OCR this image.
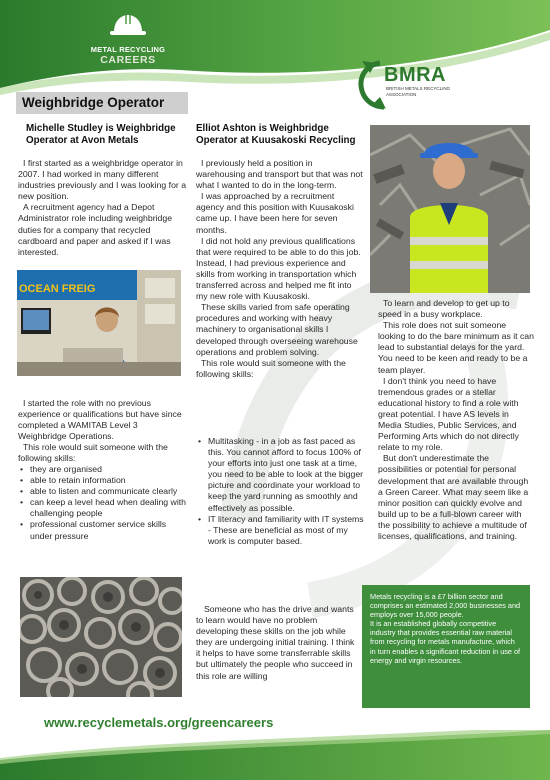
METAL RECYCLING
CAREERS
BMRA
BRITISH METALS RECYCLING ASSOCIATION
Weighbridge Operator
Michelle Studley is Weighbridge Operator at Avon Metals

I first started as a weighbridge operator in 2007. I had worked in many different industries previously and I was looking for a new position.

A recruitment agency had a Depot Administrator role including weighbridge duties for a company that recycled cardboard and paper and asked if I was interested.

OCEAN FREIG

I started the role with no previous experience or qualifications but have since completed a WAMITAB Level 3 Weighbridge Operations.

This role would suit someone with the following skills:

• they are organised
• able to retain information
• able to listen and communicate clearly
• can keep a level head when dealing with challenging people
• professional customer service skills under pressure
Elliot Ashton is Weighbridge Operator at Kuusakoski Recycling

I previously held a position in warehousing and transport but that was not what I wanted to do in the long-term.

I was approached by a recruitment agency and this position with Kuusakoski came up. I have been here for seven months.

I did not hold any previous qualifications that were required to be able to do this job. Instead, I had previous experience and skills from working in transportation which transferred across and helped me fit into my new role with Kuusakoski.

These skills varied from safe operating procedures and working with heavy machinery to organisational skills I developed through overseeing warehouse operations and problem solving.

This role would suit someone with the following skills:

• Multitasking - in a job as fast paced as this. You cannot afford to focus 100% of your efforts into just one task at a time, you need to be able to look at the bigger picture and coordinate your workload to keep the yard running as smoothly and effectively as possible.
• IT literacy and familiarity with IT systems - These are beneficial as most of my work is computer based.

Someone who has the drive and wants to learn would have no problem developing these skills on the job while they are undergoing initial training. I think it helps to have some transferrable skills but ultimately the people who succeed in this role are willing

To learn and develop to get up to speed in a busy workplace.

This role does not suit someone looking to do the bare minimum as it can lead to substantial delays for the yard. You need to be keen and ready to be a team player.

I don't think you need to have tremendous grades or a stellar educational history to find a role with great potential. I have AS levels in Media Studies, Public Services, and Performing Arts which do not directly relate to my role.

But don't underestimate the possibilities or potential for personal development that are available through a Green Career. What may seem like a minor position can quickly evolve and build up to be a full-blown career with the possibility to achieve a multitude of licenses, qualifications, and training.

Metals recycling is a £7 billion sector and comprises an estimated 2,000 businesses and employs over 15,000 people.
It is an established globally competitive industry that provides essential raw material from recycling for metals manufacture, which in turn enables a significant reduction in use of energy and virgin resources.
www.recyclemetals.org/greencareers
